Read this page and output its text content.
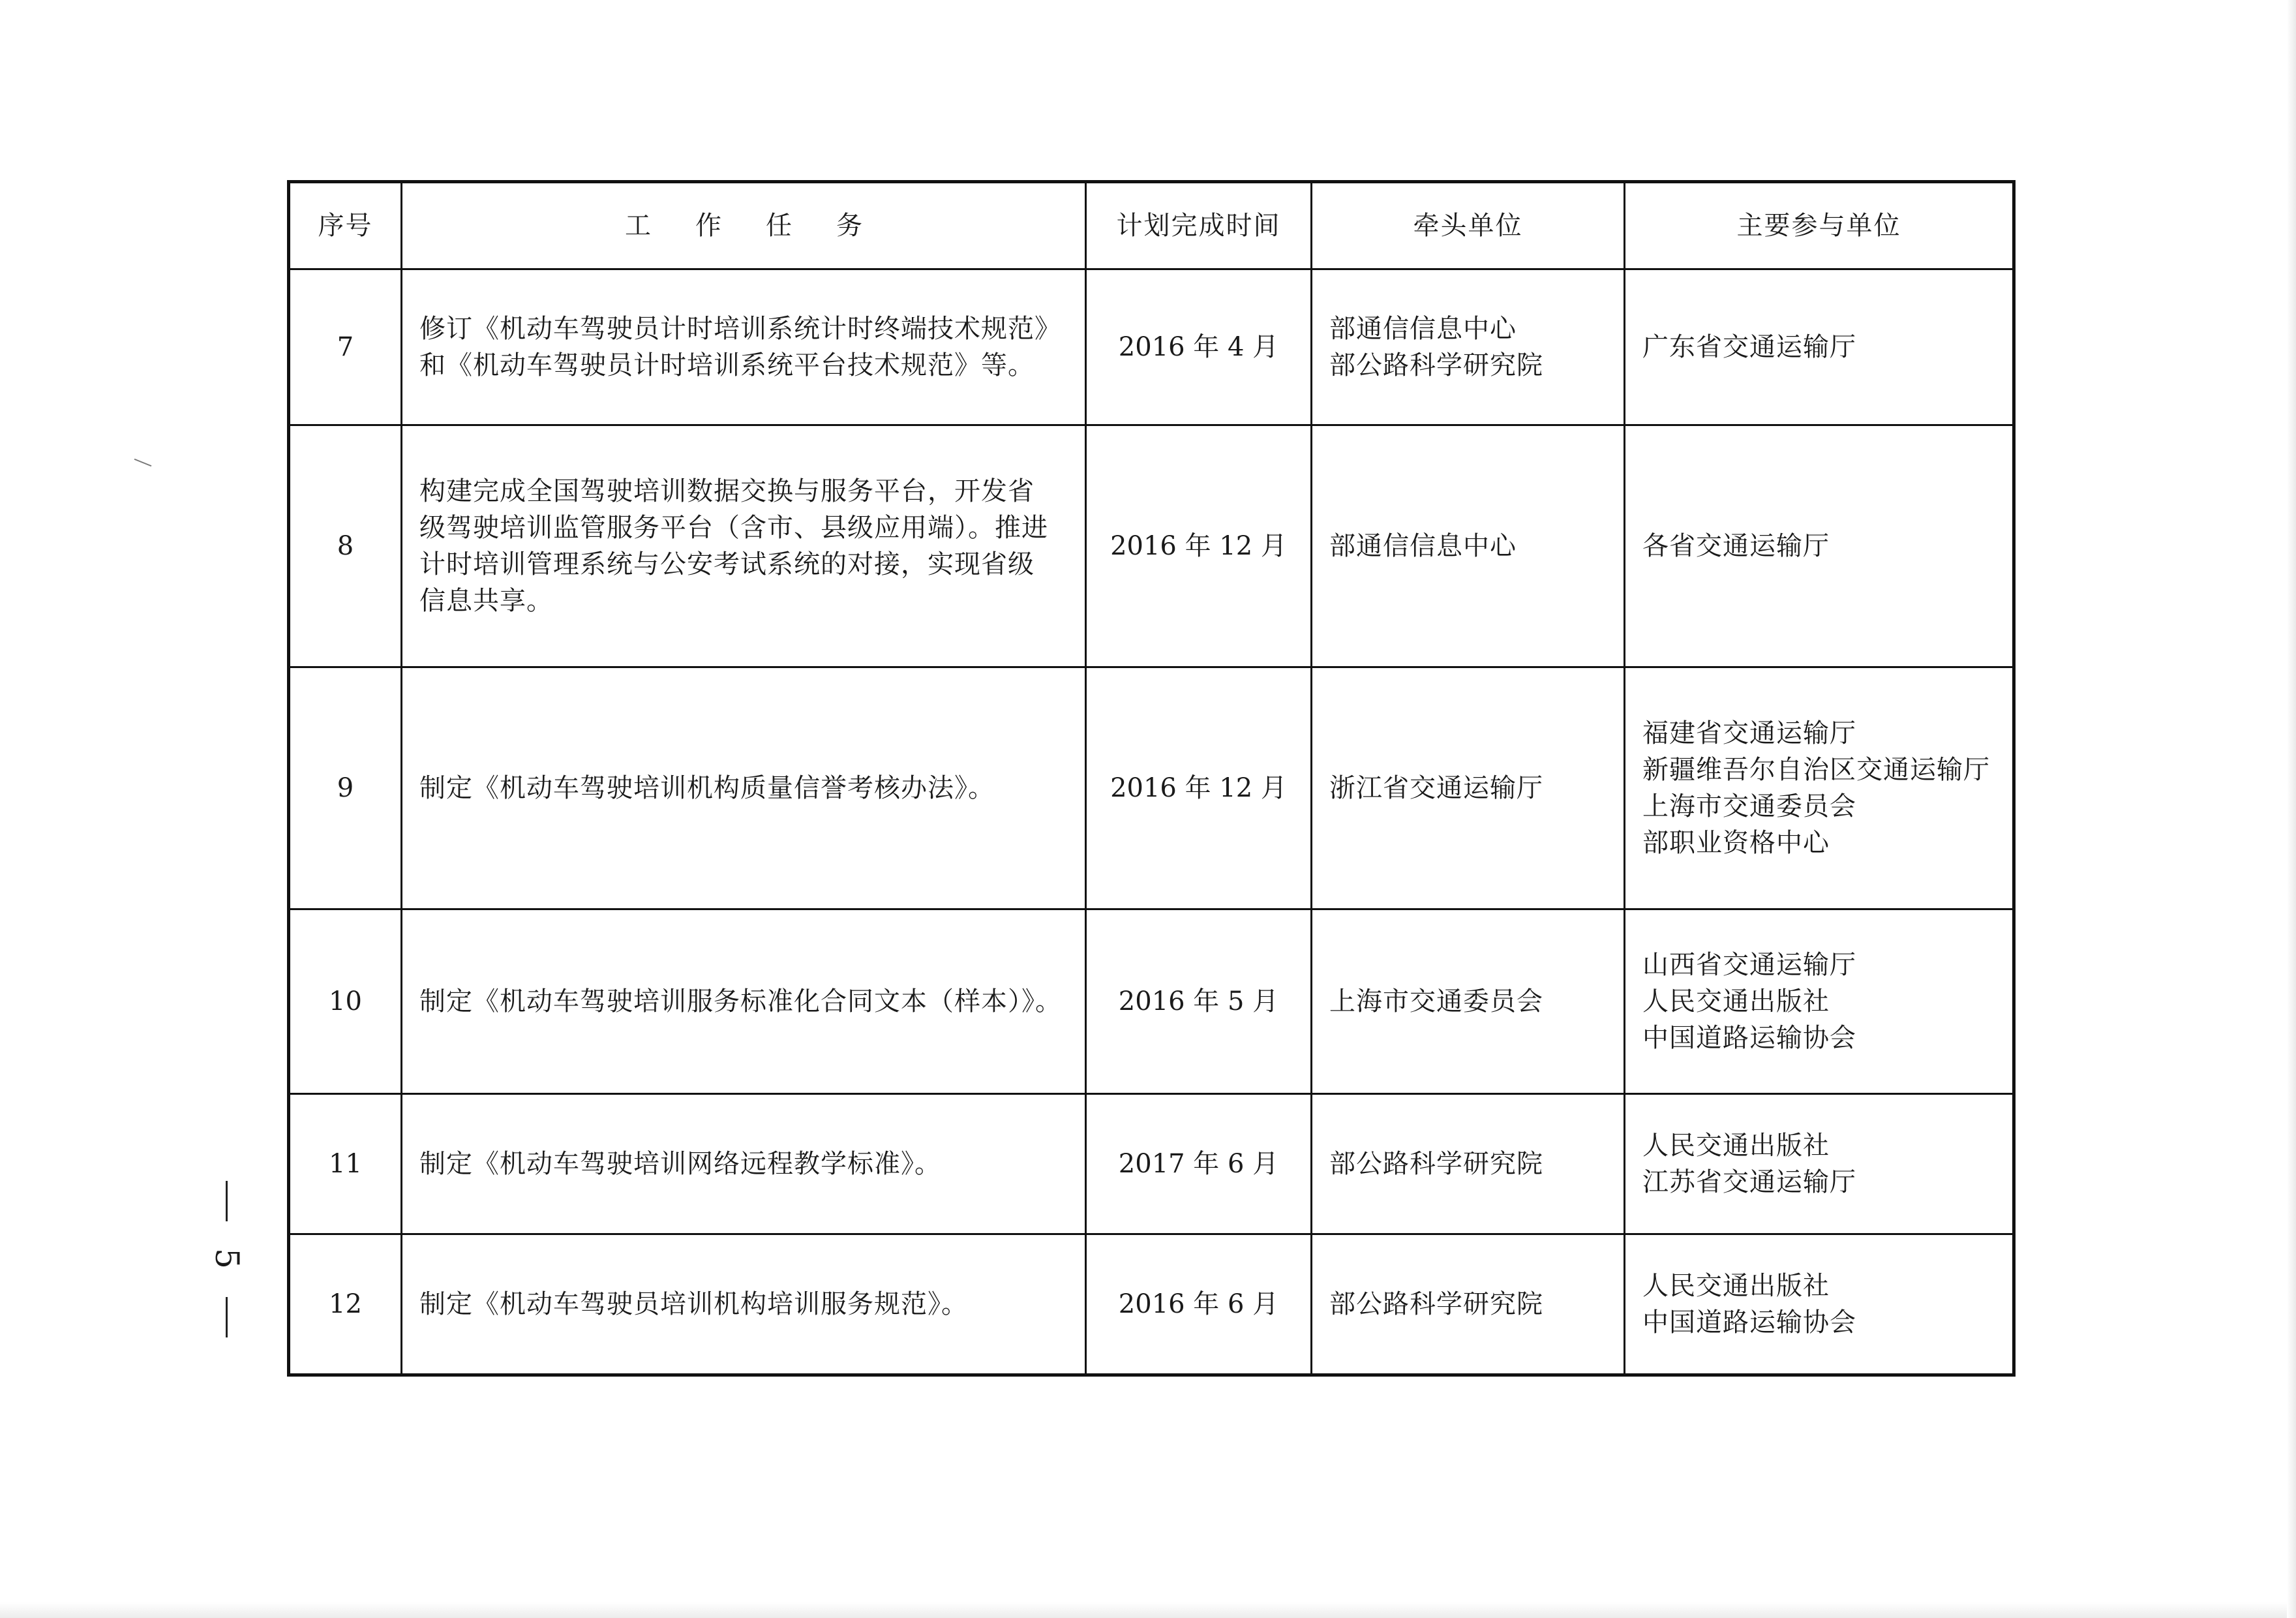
序号	工作任务	计划完成时间	牵头单位	主要参与单位
7	修订《机动车驾驶员计时培训系统计时终端技术规范》
和《机动车驾驶员计时培训系统平台技术规范》等。	2016 年 4 月	部通信信息中心
部公路科学研究院	广东省交通运输厅

8	构建完成全国驾驶培训数据交换与服务平台，开发省
级驾驶培训监管服务平台（含市、县级应用端）。推进
计时培训管理系统与公安考试系统的对接，实现省级
信息共享。	2016 年 12 月	部通信信息中心	各省交通运输厅

9	制定《机动车驾驶培训机构质量信誉考核办法》。	2016 年 12 月	浙江省交通运输厅	福建省交通运输厅
新疆维吾尔自治区交通运输厅
上海市交通委员会
部职业资格中心

10	制定《机动车驾驶培训服务标准化合同文本（样本）》。	2016 年 5 月	上海市交通委员会	山西省交通运输厅
人民交通出版社
中国道路运输协会

11	制定《机动车驾驶培训网络远程教学标准》。	2017 年 6 月	部公路科学研究院	人民交通出版社
江苏省交通运输厅

12	制定《机动车驾驶员培训机构培训服务规范》。	2016 年 6 月	部公路科学研究院	人民交通出版社
中国道路运输协会
5
